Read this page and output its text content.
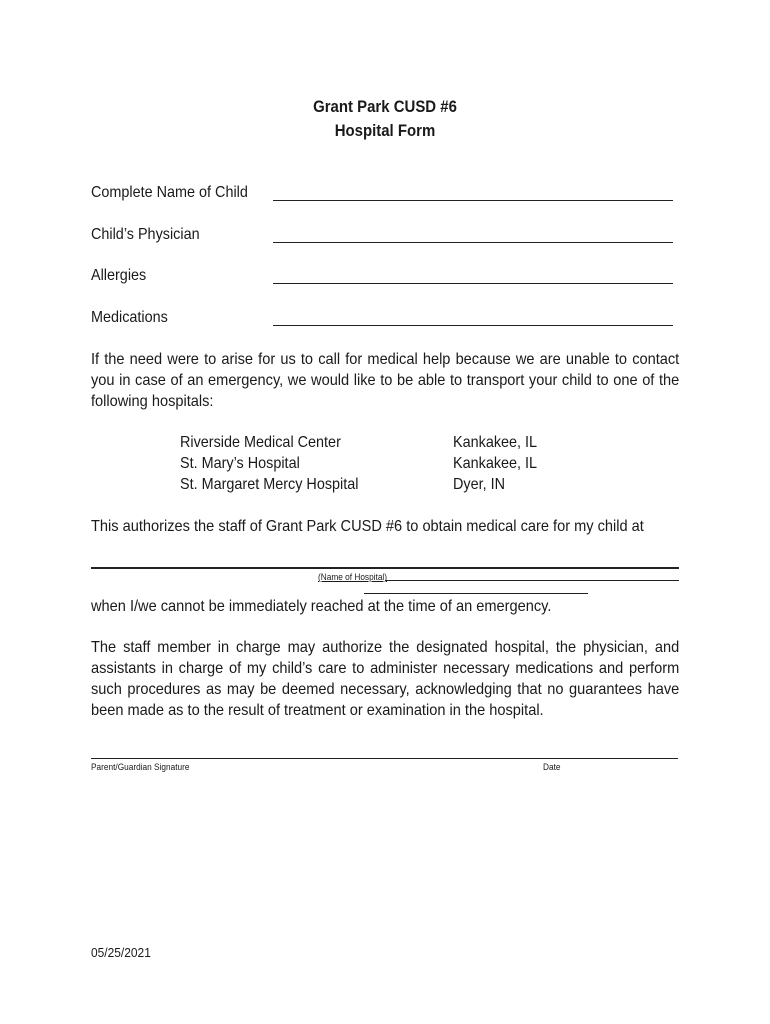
Grant Park CUSD #6
Hospital Form
Complete Name of Child
Child’s Physician
Allergies
Medications
If the need were to arise for us to call for medical help because we are unable to contact you in case of an emergency, we would like to be able to transport your child to one of the following hospitals:
Riverside Medical Center	Kankakee, IL
St. Mary’s Hospital	Kankakee, IL
St. Margaret Mercy Hospital	Dyer, IN
This authorizes the staff of Grant Park CUSD #6 to obtain medical care for my child at
(Name of Hospital)
when I/we cannot be immediately reached at the time of an emergency.
The staff member in charge may authorize the designated hospital, the physician, and assistants in charge of my child’s care to administer necessary medications and perform such procedures as may be deemed necessary, acknowledging that no guarantees have been made as to the result of treatment or examination in the hospital.
Parent/Guardian Signature	Date
05/25/2021
